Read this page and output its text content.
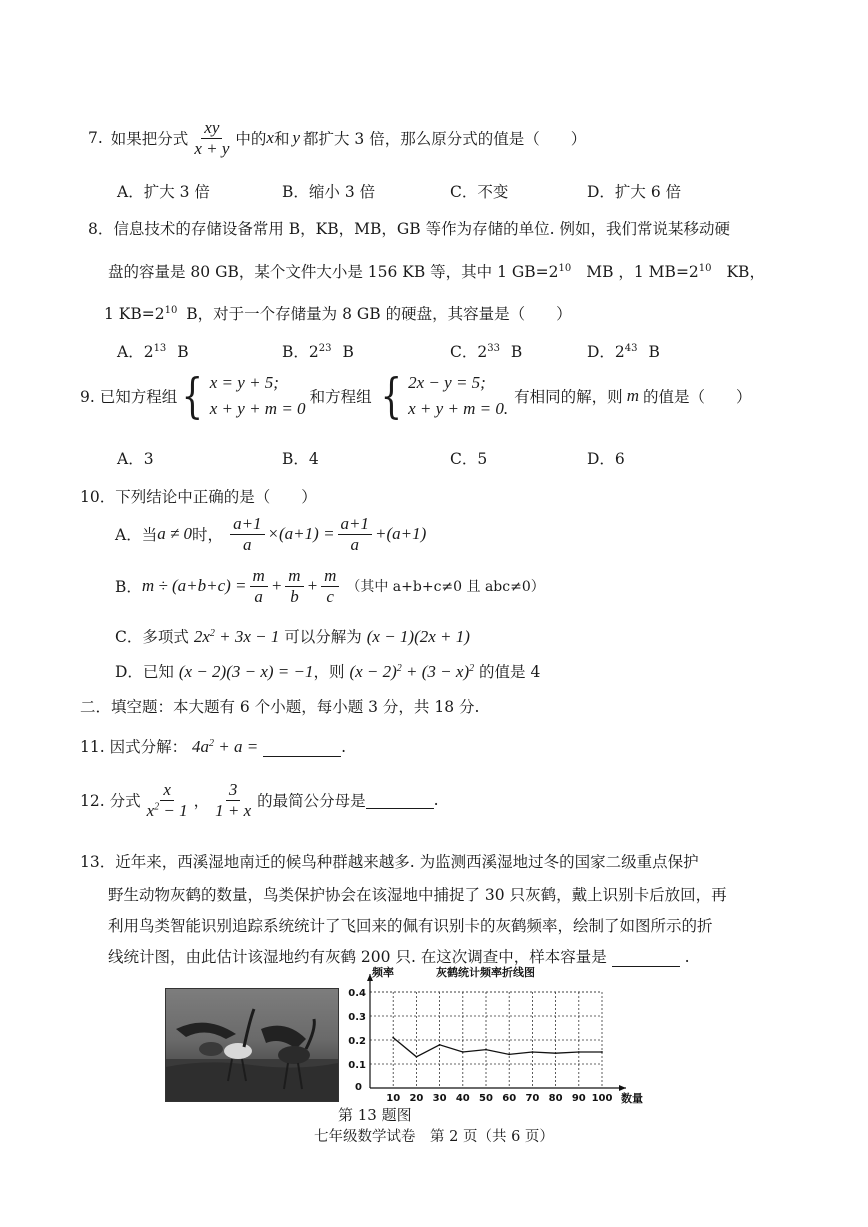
7. 如果把分式 $\frac{xy}{x + y}$ 中的 x 和 y 都扩大 3 倍，那么原分式的值是（　　）
A．扩大 3 倍	B．缩小 3 倍	C．不变	D．扩大 6 倍
8．信息技术的存储设备常用 B，KB，MB，GB 等作为存储的单位. 例如，我们常说某移动硬
盘的容量是 80 GB，某个文件大小是 156 KB 等，其中 1 $GB=2^{10}$ MB ，1 $MB=2^{10}$ KB，
1 $KB=2^{10}$ B，对于一个存储量为 8 GB 的硬盘，其容量是（　　）
A．$2^{13}$ B	B．$2^{23}$ B	C．$2^{33}$ B	D．$2^{43}$ B
9. 已知方程组 { x = y + 5;
x + y + m = 0
和方程组 { 2x − y = 5;
x + y + m = 0.
有相同的解，则 m 的值是（　　）
A．3	B．4	C．5	D．6
10．下列结论中正确的是（　　）
A．当 a ≠ 0 时， $\frac{a+1}{a} \times(a+1) = \frac{a+1}{a} +(a+1)$
B． $m \div (a+b+c) = \frac{m}{a} + \frac{m}{b} + \frac{m}{c}$ （其中 a+b+c≠0 且 abc≠0）
C．多项式 $2x^2 + 3x - 1$ 可以分解为 (x − 1)(2x + 1)
D．已知 (x − 2)(3 − x) = −1，则 $(x - 2)^2 + (3 - x)^2$ 的值是 4
二．填空题：本大题有 6 个小题，每小题 3 分，共 18 分.
11. 因式分解： $4a^2 + a$ =	.
12. 分式 $\frac{x}{x^2 - 1}$ ， $\frac{3}{1 + x}$ 的最简公分母是	.
13．近年来，西溪湿地南迁的候鸟种群越来越多. 为监测西溪湿地过冬的国家二级重点保护
野生动物灰鹤的数量，鸟类保护协会在该湿地中捕捉了 30 只灰鹤，戴上识别卡后放回，再
利用鸟类智能识别追踪系统统计了飞回来的佩有识别卡的灰鹤频率，绘制了如图所示的折
线统计图，由此估计该湿地约有灰鹤 200 只. 在这次调查中，样本容量是	.
10 20 30 40 50 60 70 80 90 100
0.1
0.2
0.3
0.4
0
频率	灰鹤统计频率折线图
数量
第 13 题图
七年级数学试卷　第 2 页（共 6 页）
